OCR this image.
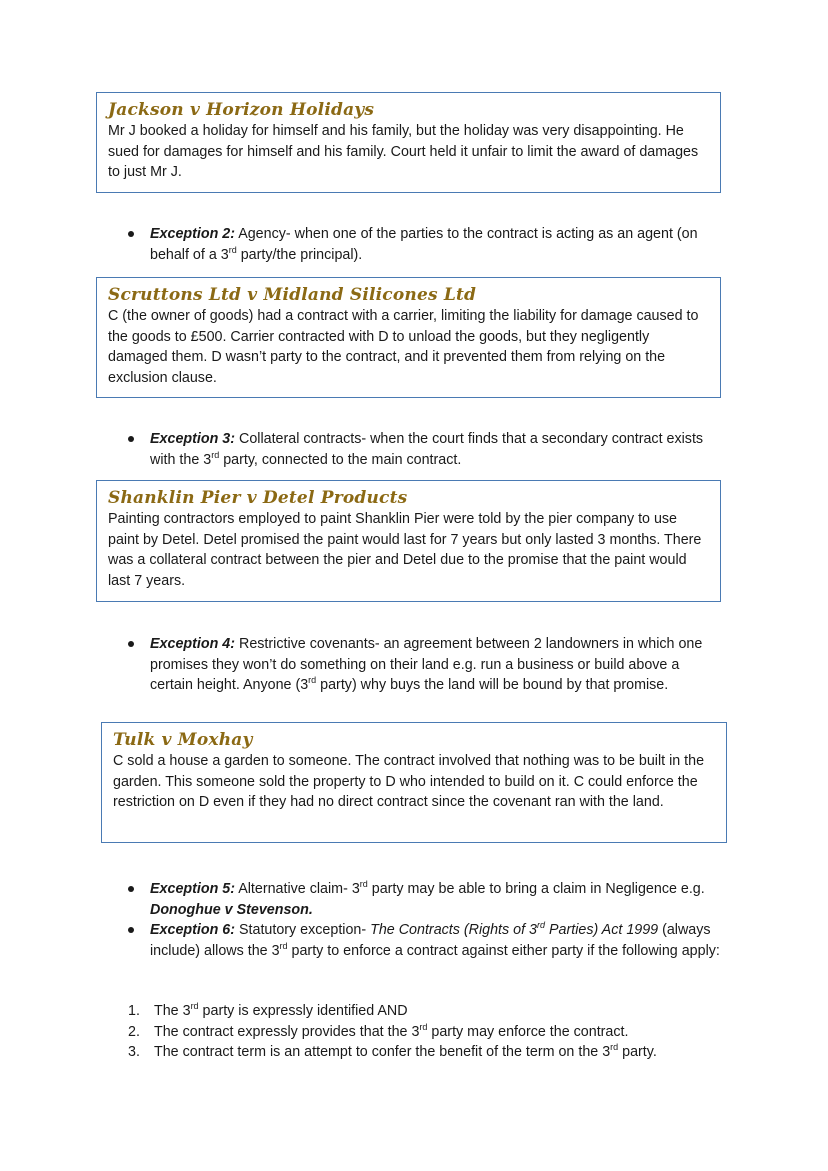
Jackson v Horizon Holidays
Mr J booked a holiday for himself and his family, but the holiday was very disappointing. He sued for damages for himself and his family. Court held it unfair to limit the award of damages to just Mr J.
Exception 2: Agency- when one of the parties to the contract is acting as an agent (on behalf of a 3rd party/the principal).
Scruttons Ltd v Midland Silicones Ltd
C (the owner of goods) had a contract with a carrier, limiting the liability for damage caused to the goods to £500. Carrier contracted with D to unload the goods, but they negligently damaged them. D wasn’t party to the contract, and it prevented them from relying on the exclusion clause.
Exception 3: Collateral contracts- when the court finds that a secondary contract exists with the 3rd party, connected to the main contract.
Shanklin Pier v Detel Products
Painting contractors employed to paint Shanklin Pier were told by the pier company to use paint by Detel. Detel promised the paint would last for 7 years but only lasted 3 months. There was a collateral contract between the pier and Detel due to the promise that the paint would last 7 years.
Exception 4: Restrictive covenants- an agreement between 2 landowners in which one promises they won’t do something on their land e.g. run a business or build above a certain height. Anyone (3rd party) why buys the land will be bound by that promise.
Tulk v Moxhay
C sold a house a garden to someone. The contract involved that nothing was to be built in the garden. This someone sold the property to D who intended to build on it. C could enforce the restriction on D even if they had no direct contract since the covenant ran with the land.
Exception 5: Alternative claim- 3rd party may be able to bring a claim in Negligence e.g. Donoghue v Stevenson.
Exception 6: Statutory exception- The Contracts (Rights of 3rd Parties) Act 1999 (always include) allows the 3rd party to enforce a contract against either party if the following apply:
1. The 3rd party is expressly identified AND
2. The contract expressly provides that the 3rd party may enforce the contract.
3. The contract term is an attempt to confer the benefit of the term on the 3rd party.
